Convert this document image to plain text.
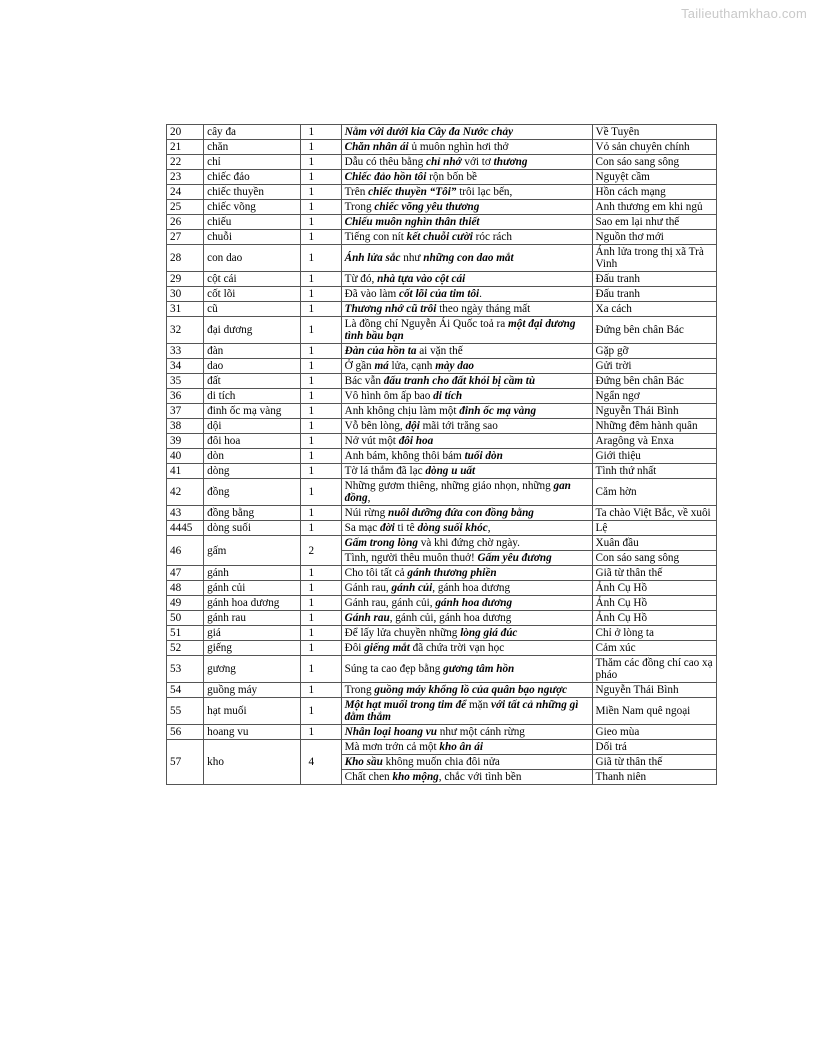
Tailieuthamkhao.com
20	cây đa	1	Nằm với dưới kia Cây đa Nước chảy	Về Tuyên
21	chăn	1	Chăn nhân ái ủ muôn nghìn hơi thở	Vỏ sản chuyên chính
22	chỉ	1	Dẫu có thêu bằng chỉ nhớ với tơ thương	Con sáo sang sông
23	chiếc đảo	1	Chiếc đảo hồn tôi rộn bốn bề	Nguyệt cầm
24	chiếc thuyền	1	Trên chiếc thuyền “Tôi” trôi lạc bến,	Hồn cách mạng
25	chiếc võng	1	Trong chiếc võng yêu thương	Anh thương em khi ngủ
26	chiếu	1	Chiếu muôn nghìn thân thiết	Sao em lại như thế
27	chuỗi	1	Tiếng con nít kết chuỗi cười róc rách	Nguồn thơ mới
28	con dao	1	Ánh lửa sắc như những con dao mắt	Ánh lửa trong thị xã Trà Vinh
29	cột cái	1	Từ đó, nhà tựa vào cột cái	Đấu tranh
30	cốt lõi	1	Đã vào làm cốt lõi của tim tôi.	Đấu tranh
31	cũ	1	Thương nhớ cũ trôi theo ngày tháng mất	Xa cách
32	đại dương	1	Là đồng chí Nguyễn Ái Quốc toả ra một đại dương tình bầu bạn	Đứng bên chân Bác
33	đàn	1	Đàn của hồn ta ai vặn thế	Gặp gỡ
34	dao	1	Ở gần má lửa, cạnh mày dao	Gửi trời
35	đất	1	Bác vẫn đấu tranh cho đất khỏi bị cầm tù	Đứng bên chân Bác
36	di tích	1	Vô hình ôm ấp bao di tích	Ngẩn ngơ
37	đinh ốc mạ vàng	1	Anh không chịu làm một đinh ốc mạ vàng	Nguyễn Thái Bình
38	dội	1	Vỗ bên lòng, dội mãi tới trăng sao	Những đêm hành quân
39	đôi hoa	1	Nở vút một đôi hoa	Aragông và Enxa
40	dòn	1	Anh bám, không thôi bám tuổi dòn	Giới thiệu
41	dòng	1	Tờ lá thắm đã lạc dòng u uất	Tình thứ nhất
42	đồng	1	Những gươm thiêng, những giáo nhọn, những gan đồng,	Căm hờn
43	đồng bằng	1	Núi rừng nuôi dưỡng đứa con đồng bằng	Ta chào Việt Bắc, về xuôi
4445	dòng suối	1	Sa mạc đời ti tê dòng suối khóc,	Lệ
46	gấm	2	Gấm trong lòng và khi đứng chờ ngày.	Xuân đầu
			Tình, người thêu muôn thuở! Gấm yêu đương	Con sáo sang sông
47	gánh	1	Cho tôi tất cả gánh thương phiền	Giã từ thân thế
48	gánh củi	1	Gánh rau, gánh củi, gánh hoa dương	Ảnh Cụ Hồ
49	gánh hoa dương	1	Gánh rau, gánh củi, gánh hoa dương	Ảnh Cụ Hồ
50	gánh rau	1	Gánh rau, gánh củi, gánh hoa dương	Ảnh Cụ Hồ
51	giá	1	Để lấy lửa chuyền những lòng giá đúc	Chỉ ở lòng ta
52	giếng	1	Đôi giếng mắt đã chứa trời vạn học	Cảm xúc
53	gương	1	Súng ta cao đẹp bằng gương tâm hồn	Thăm các đồng chí cao xạ pháo
54	guồng máy	1	Trong guồng máy khổng lồ của quân bạo ngược	Nguyễn Thái Bình
55	hạt muối	1	Một hạt muối trong tim để mặn với tất cả những gì đằm thắm	Miền Nam quê ngoại
56	hoang vu	1	Nhân loại hoang vu như một cánh rừng	Gieo mùa
57	kho	4	Mà mơn trớn cả một kho ân ái	Dối trá
			Kho sầu không muốn chia đôi nửa	Giã từ thân thế
			Chất chen kho mộng, chắc với tình bền	Thanh niên
